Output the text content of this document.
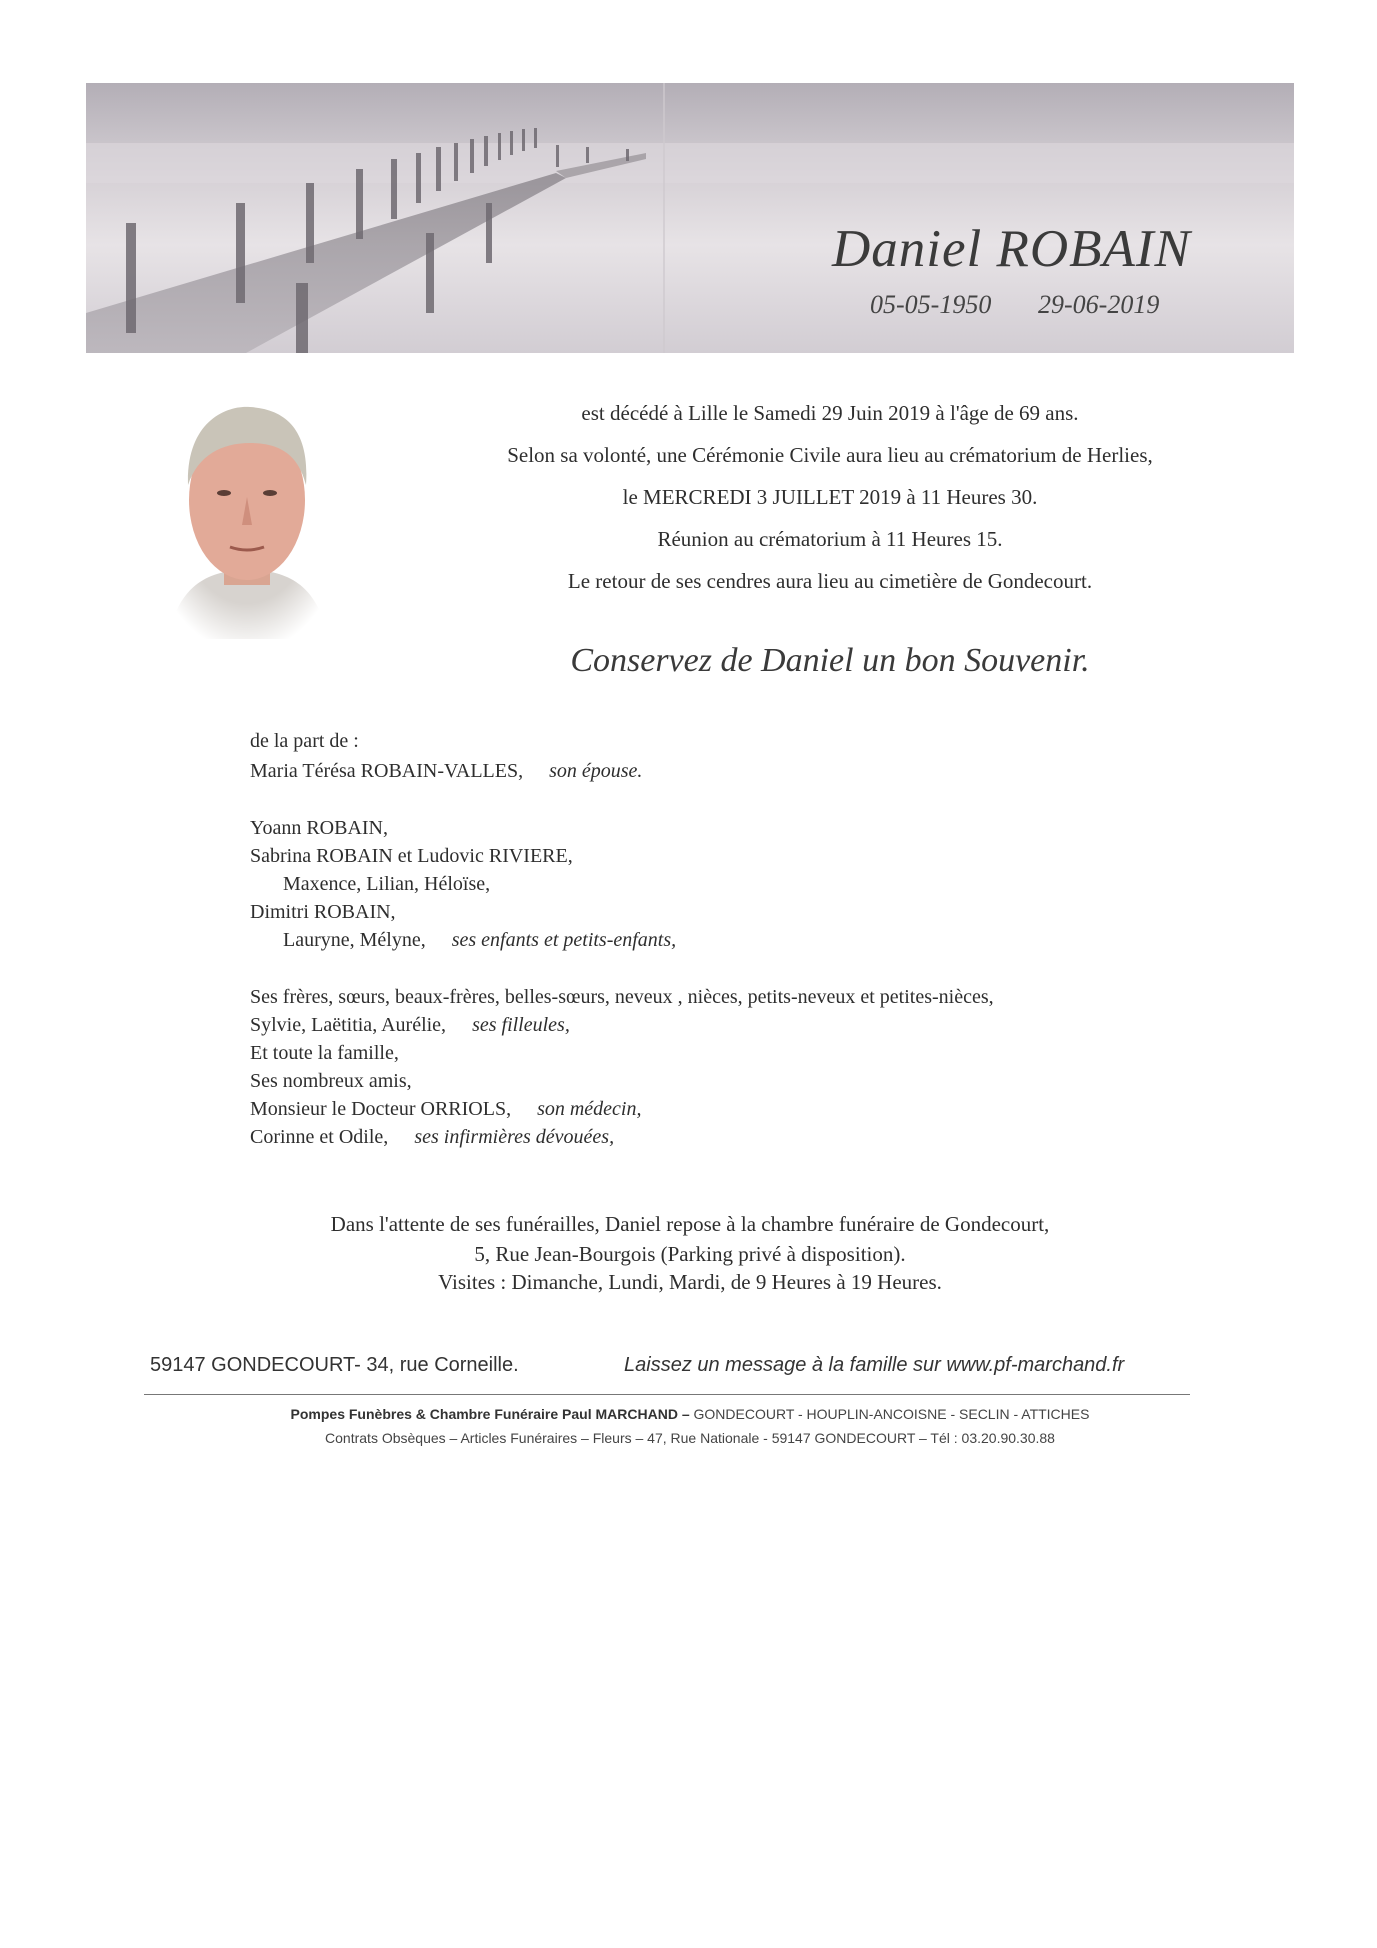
Daniel ROBAIN
05-05-1950 29-06-2019
est décédé à Lille le Samedi 29 Juin 2019 à l'âge de 69 ans.
Selon sa volonté, une Cérémonie Civile aura lieu au crématorium de Herlies,
le MERCREDI 3 JUILLET 2019 à 11 Heures 30.
Réunion au crématorium à 11 Heures 15.
Le retour de ses cendres aura lieu au cimetière de Gondecourt.
Conservez de Daniel un bon Souvenir.
de la part de :
Maria Térésa ROBAIN-VALLES, son épouse.
Yoann ROBAIN,
Sabrina ROBAIN et Ludovic RIVIERE,
Maxence, Lilian, Héloïse,
Dimitri ROBAIN,
Lauryne, Mélyne, ses enfants et petits-enfants,
Ses frères, sœurs, beaux-frères, belles-sœurs, neveux , nièces, petits-neveux et petites-nièces,
Sylvie, Laëtitia, Aurélie, ses filleules,
Et toute la famille,
Ses nombreux amis,
Monsieur le Docteur ORRIOLS, son médecin,
Corinne et Odile, ses infirmières dévouées,
Dans l'attente de ses funérailles, Daniel repose à la chambre funéraire de Gondecourt,
5, Rue Jean-Bourgois (Parking privé à disposition).
Visites : Dimanche, Lundi, Mardi, de 9 Heures à 19 Heures.
59147 GONDECOURT- 34, rue Corneille.	Laissez un message à la famille sur www.pf-marchand.fr
Pompes Funèbres & Chambre Funéraire Paul MARCHAND – GONDECOURT - HOUPLIN-ANCOISNE - SECLIN - ATTICHES
Contrats Obsèques – Articles Funéraires – Fleurs – 47, Rue Nationale - 59147 GONDECOURT – Tél : 03.20.90.30.88
